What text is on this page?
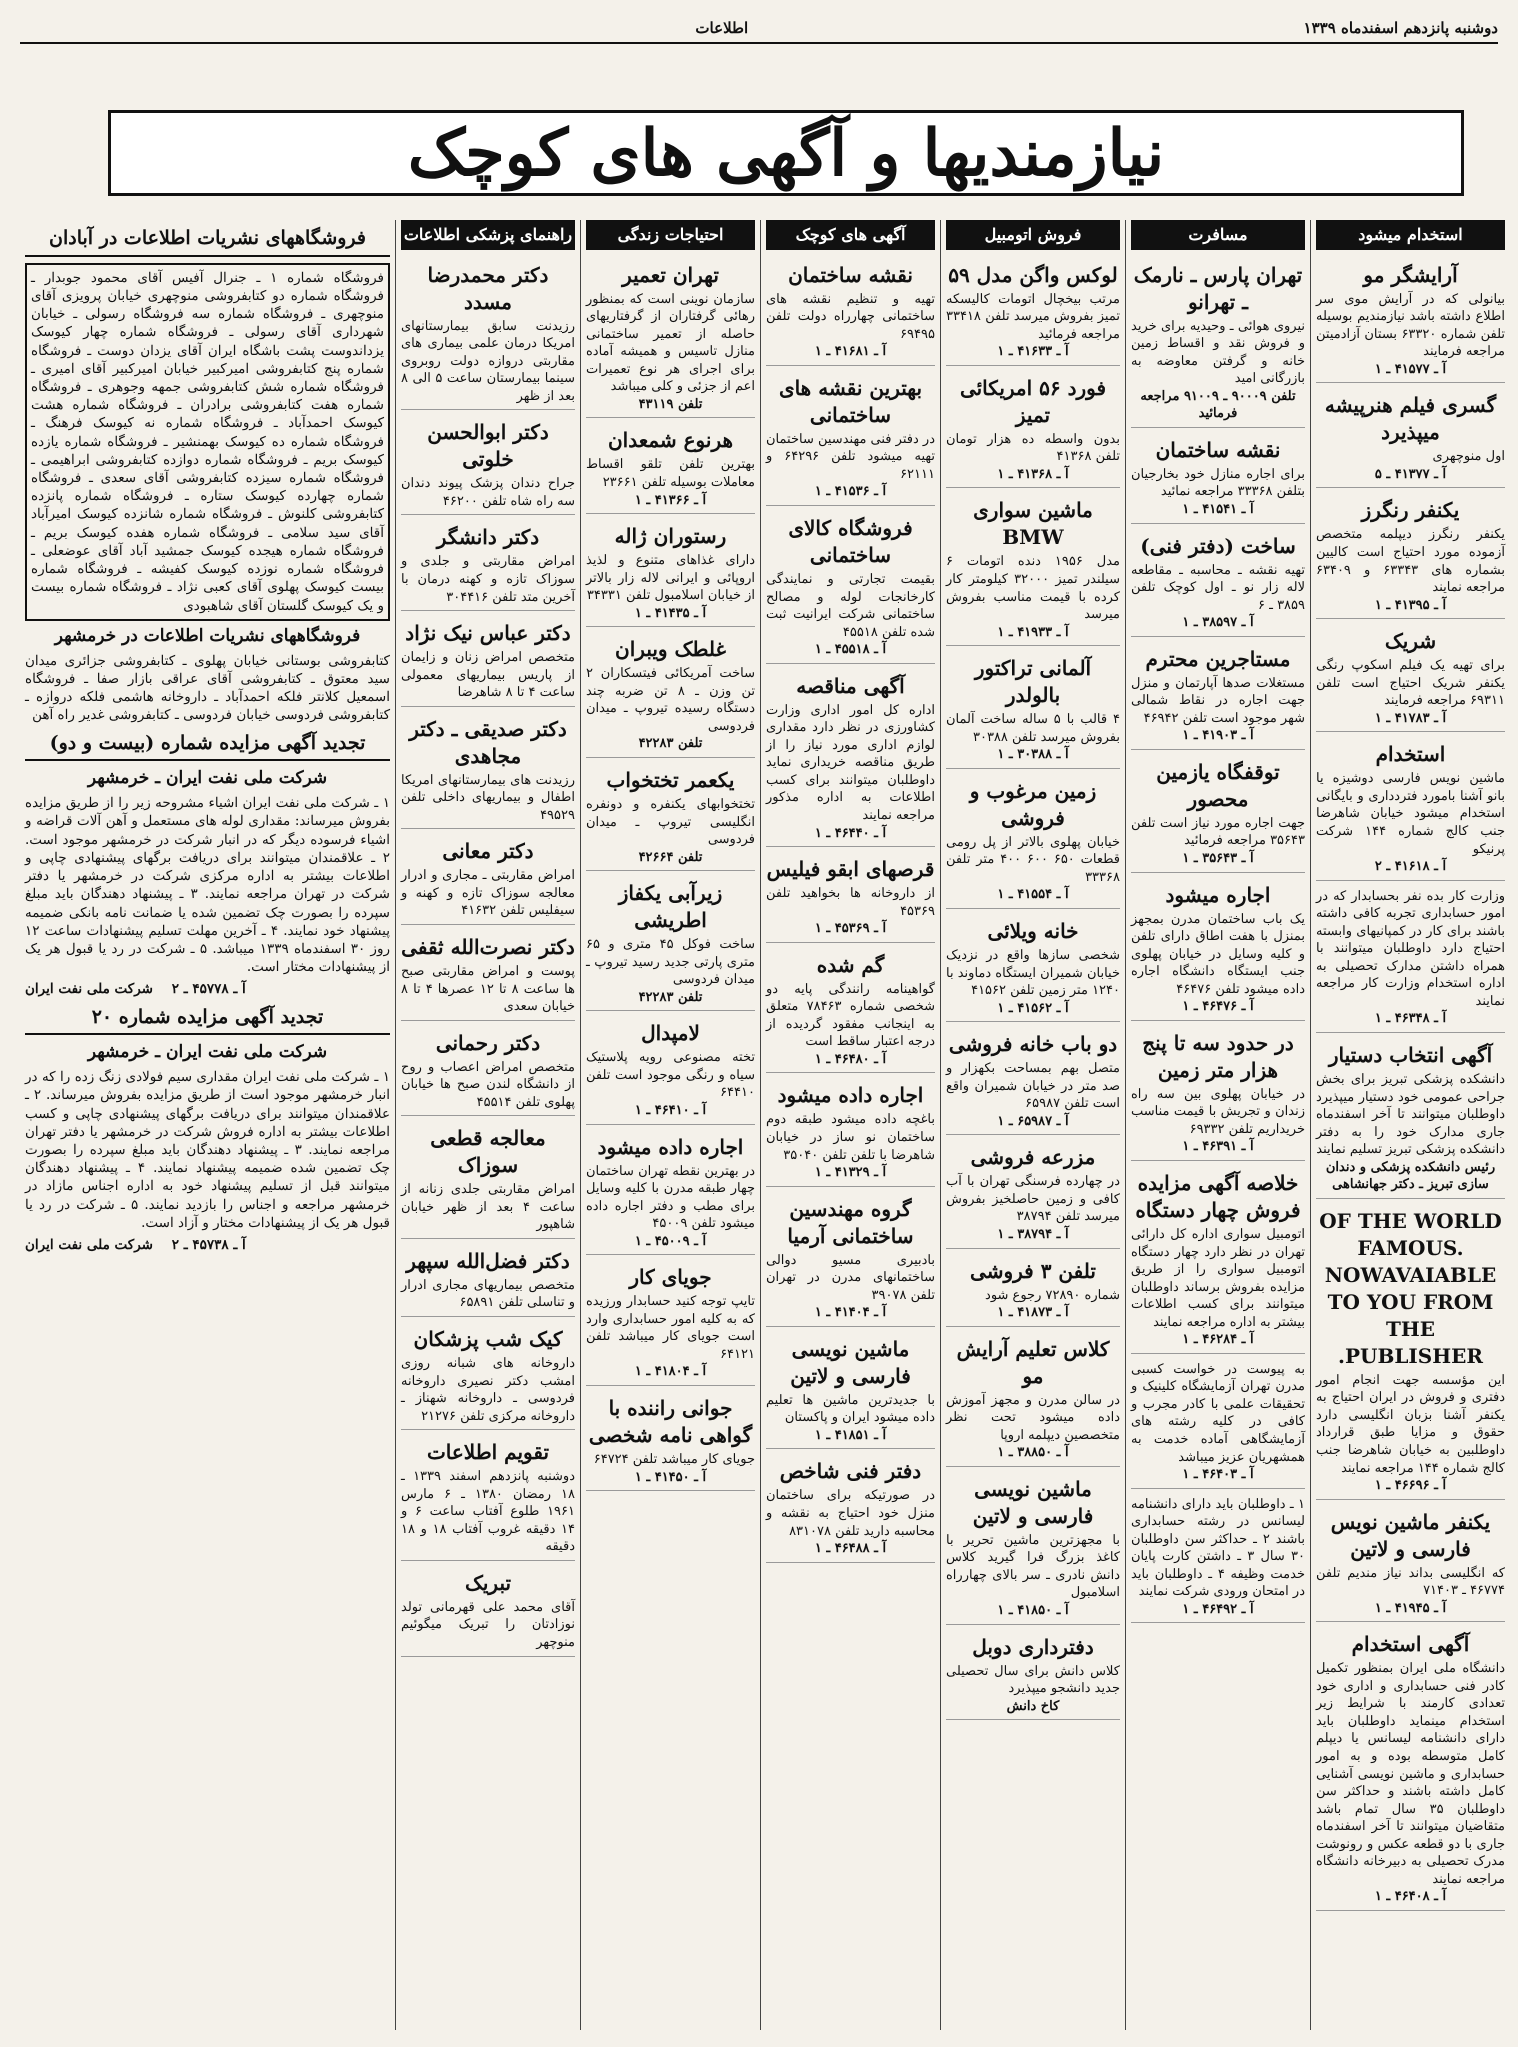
دوشنبه پانزدهم اسفندماه ۱۳۳۹
اطلاعات
نیازمندیها و آگهی های کوچک
استخدام میشود
آرایشگر مو
بیانولی که در آرایش موی سر اطلاع داشته باشد نیازمندیم بوسیله تلفن شماره ۶۳۳۲۰ بستان آزادمیتن مراجعه فرمایند
آ ـ ۴۱۵۷۷ ـ ۱
گسری فیلم هنرپیشه میپذیرد
اول منوچهری
آ ـ ۴۱۳۷۷ ـ ۵
یکنفر رنگرز
یکنفر رنگرز دیپلمه متخصص آزموده مورد احتیاج است کالیین بشماره های ۶۳۳۴۳ و ۶۳۴۰۹ مراجعه نمایند
آ ـ ۴۱۳۹۵ ـ ۱
شریک
برای تهیه یک فیلم اسکوپ رنگی یکنفر شریک احتیاج است تلفن ۶۹۳۱۱ مراجعه فرمایند
آ ـ ۴۱۷۸۳ ـ ۱
استخدام
ماشین نویس فارسی دوشیزه یا بانو آشنا بامورد فتردداری و بایگانی استخدام میشود خیابان شاهرضا جنب کالج شماره ۱۴۴ شرکت پرنیکو
آ ـ ۴۱۶۱۸ ـ ۲
وزارت کار بده نفر بحسابدار که در امور حسابداری تجربه کافی داشته باشند برای کار در کمپانیهای وابسته احتیاج دارد داوطلبان میتوانند با همراه داشتن مدارک تحصیلی به اداره استخدام وزارت کار مراجعه نمایند
آ ـ ۴۶۳۴۸ ـ ۱
آگهی انتخاب دستیار
دانشکده پزشکی تبریز برای بخش جراحی عمومی خود دستیار میپذیرد داوطلبان میتوانند تا آخر اسفندماه جاری مدارک خود را به دفتر دانشکده پزشکی تبریز تسلیم نمایند
رئیس دانشکده پزشکی و دندان سازی تبریز ـ دکتر جهانشاهی
OF THE WORLD FAMOUS. NOWAVAIABLE TO YOU FROM THE PUBLISHER.
این مؤسسه جهت انجام امور دفتری و فروش در ایران احتیاج به یکنفر آشنا بزبان انگلیسی دارد حقوق و مزایا طبق قرارداد داوطلبین به خیابان شاهرضا جنب کالج شماره ۱۴۴ مراجعه نمایند
آ ـ ۴۶۶۹۶ ـ ۱
یکنفر ماشین نویس فارسی و لاتین
که انگلیسی بداند نیاز مندیم تلفن ۴۶۷۷۴ ـ ۷۱۴۰۳
آ ـ ۴۱۹۴۵ ـ ۱
آگهی استخدام
دانشگاه ملی ایران بمنظور تکمیل کادر فنی حسابداری و اداری خود تعدادی کارمند با شرایط زیر استخدام مینماید داوطلبان باید دارای دانشنامه لیسانس یا دیپلم کامل متوسطه بوده و به امور حسابداری و ماشین نویسی آشنایی کامل داشته باشند و حداکثر سن داوطلبان ۳۵ سال تمام باشد متقاضیان میتوانند تا آخر اسفندماه جاری با دو قطعه عکس و رونوشت مدرک تحصیلی به دبیرخانه دانشگاه مراجعه نمایند
آ ـ ۴۶۴۰۸ ـ ۱
مسافرت
تهران پارس ـ نارمک ـ تهرانو
نیروی هوائی ـ وحیدیه برای خرید و فروش نقد و اقساط زمین خانه و گرفتن معاوضه به بازرگانی امید
تلفن ۹۰۰۰۹ ـ ۹۱۰۰۹ مراجعه فرمائید
نقشه ساختمان
برای اجاره منازل خود بخارجیان بتلفن ۳۳۳۶۸ مراجعه نمائید
آ ـ ۴۱۵۴۱ ـ ۱
ساخت (دفتر فنی)
تهیه نقشه ـ محاسبه ـ مقاطعه لاله زار نو ـ اول کوچک تلفن ۳۸۵۹ ـ ۶
آ ـ ۳۸۵۹۷ ـ ۱
مستاجرین محترم
مستغلات صدها آپارتمان و منزل جهت اجاره در نقاط شمالی شهر موجود است تلفن ۴۶۹۴۲
آ ـ ۴۱۹۰۳ ـ ۱
توقفگاه یازمین محصور
جهت اجاره مورد نیاز است تلفن ۳۵۶۴۳ مراجعه فرمائید
آ ـ ۳۵۶۴۳ ـ ۱
اجاره میشود
یک باب ساختمان مدرن بمجهز بمنزل با هفت اطاق دارای تلفن و کلیه وسایل در خیابان پهلوی جنب ایستگاه دانشگاه اجاره داده میشود تلفن ۴۶۴۷۶
آ ـ ۴۶۴۷۶ ـ ۱
در حدود سه تا پنج هزار متر زمین
در خیابان پهلوی بین سه راه زندان و تجریش با قیمت مناسب خریداریم تلفن ۶۹۳۳۲
آ ـ ۴۶۳۹۱ ـ ۱
خلاصه آگهی مزایده فروش چهار دستگاه
اتومبیل سواری اداره کل دارائی تهران در نظر دارد چهار دستگاه اتومبیل سواری را از طریق مزایده بفروش برساند داوطلبان میتوانند برای کسب اطلاعات بیشتر به اداره مراجعه نمایند
آ ـ ۴۶۲۸۴ ـ ۱
به پیوست در خواست کسبی مدرن تهران آزمایشگاه کلینیک و تحقیقات علمی با کادر مجرب و کافی در کلیه رشته های آزمایشگاهی آماده خدمت به همشهریان عزیز میباشد
آ ـ ۴۶۴۰۳ ـ ۱
۱ ـ داوطلبان باید دارای دانشنامه لیسانس در رشته حسابداری باشند ۲ ـ حداکثر سن داوطلبان ۳۰ سال ۳ ـ داشتن کارت پایان خدمت وظیفه ۴ ـ داوطلبان باید در امتحان ورودی شرکت نمایند
آ ـ ۴۶۴۹۲ ـ ۱
فروش اتومبیل
لوکس واگن مدل ۵۹
مرتب بیخچال اتومات کالیسکه تمیز بفروش میرسد تلفن ۳۳۴۱۸ مراجعه فرمائید
آ ـ ۴۱۶۳۳ ـ ۱
فورد ۵۶ امریکائی تمیز
بدون واسطه ده هزار تومان تلفن ۴۱۳۶۸
آ ـ ۴۱۳۶۸ ـ ۱
ماشین سواری BMW
مدل ۱۹۵۶ دنده اتومات ۶ سیلندر تمیز ۳۲۰۰۰ کیلومتر کار کرده با قیمت مناسب بفروش میرسد
آ ـ ۴۱۹۳۳ ـ ۱
آلمانی تراکتور بالولدر
۴ قالب با ۵ ساله ساخت آلمان بفروش میرسد تلفن ۳۰۳۸۸
آ ـ ۳۰۳۸۸ ـ ۱
زمین مرغوب و فروشی
خیابان پهلوی بالاتر از پل رومی قطعات ۶۵۰ ۶۰۰ ۴۰۰ متر تلفن ۳۳۳۶۸
آ ـ ۴۱۵۵۴ ـ ۱
خانه ویلائی
شخصی سازها واقع در نزدیک خیابان شمیران ایستگاه دماوند با ۱۲۴۰ متر زمین تلفن ۴۱۵۶۲
آ ـ ۴۱۵۶۲ ـ ۱
دو باب خانه فروشی
متصل بهم بمساحت بکهزار و صد متر در خیابان شمیران واقع است تلفن ۶۵۹۸۷
آ ـ ۶۵۹۸۷ ـ ۱
مزرعه فروشی
در چهارده فرسنگی تهران با آب کافی و زمین حاصلخیز بفروش میرسد تلفن ۳۸۷۹۴
آ ـ ۳۸۷۹۴ ـ ۱
تلفن ۳ فروشی
شماره ۷۲۸۹۰ رجوع شود
آ ـ ۴۱۸۷۳ ـ ۱
کلاس تعلیم آرایش مو
در سالن مدرن و مجهز آموزش داده میشود تحت نظر متخصصین دیپلمه اروپا
آ ـ ۳۸۸۵۰ ـ ۱
ماشین نویسی فارسی و لاتین
با مجهزترین ماشین تحریر با کاغذ بزرگ فرا گیرید کلاس دانش نادری ـ سر بالای چهارراه اسلامبول
آ ـ ۴۱۸۵۰ ـ ۱
دفترداری دوبل
کلاس دانش برای سال تحصیلی جدید دانشجو میپذیرد
کاخ دانش
آگهی های کوچک
نقشه ساختمان
تهیه و تنظیم نقشه های ساختمانی چهارراه دولت تلفن ۶۹۴۹۵
آ ـ ۴۱۶۸۱ ـ ۱
بهترین نقشه های ساختمانی
در دفتر فنی مهندسین ساختمان تهیه میشود تلفن ۶۴۲۹۶ و ۶۲۱۱۱
آ ـ ۴۱۵۳۶ ـ ۱
فروشگاه کالای ساختمانی
بقیمت تجارتی و نمایندگی کارخانجات لوله و مصالح ساختمانی شرکت ایرانیت ثبت شده تلفن ۴۵۵۱۸
آ ـ ۴۵۵۱۸ ـ ۱
آگهی مناقصه
اداره کل امور اداری وزارت کشاورزی در نظر دارد مقداری لوازم اداری مورد نیاز را از طریق مناقصه خریداری نماید داوطلبان میتوانند برای کسب اطلاعات به اداره مذکور مراجعه نمایند
آ ـ ۴۶۴۴۰ ـ ۱
قرصهای ابقو فیلیس
از داروخانه ها بخواهید تلفن ۴۵۳۶۹
آ ـ ۴۵۳۶۹ ـ ۱
گم شده
گواهینامه رانندگی پایه دو شخصی شماره ۷۸۴۶۳ متعلق به اینجانب مفقود گردیده از درجه اعتبار ساقط است
آ ـ ۴۶۴۸۰ ـ ۱
اجاره داده میشود
باغچه داده میشود طبقه دوم ساختمان نو ساز در خیابان شاهرضا با تلفن تلفن ۳۵۰۴۰
آ ـ ۴۱۳۲۹ ـ ۱
گروه مهندسین ساختمانی آرمیا
بادبیری مسیو دوالی ساختمانهای مدرن در تهران تلفن ۳۹۰۷۸
آ ـ ۴۱۴۰۴ ـ ۱
ماشین نویسی فارسی و لاتین
با جدیدترین ماشین ها تعلیم داده میشود ایران و پاکستان
آ ـ ۴۱۸۵۱ ـ ۱
دفتر فنی شاخص
در صورتیکه برای ساختمان منزل خود احتیاج به نقشه و محاسبه دارید تلفن ۸۳۱۰۷۸
آ ـ ۴۶۴۸۸ ـ ۱
احتیاجات زندگی
تهران تعمیر
سازمان نوینی است که بمنظور رهائی گرفتاران از گرفتاریهای حاصله از تعمیر ساختمانی منازل تاسیس و همیشه آماده برای اجرای هر نوع تعمیرات اعم از جزئی و کلی میباشد
تلفن ۴۳۱۱۹
هرنوع شمعدان
بهترین تلفن تلقو اقساط معاملات بوسیله تلفن ۲۳۶۶۱
آ ـ ۴۱۳۶۶ ـ ۱
رستوران ژاله
دارای غذاهای متنوع و لذیذ اروپائی و ایرانی لاله زار بالاتر از خیابان اسلامبول تلفن ۳۴۳۳۱
آ ـ ۴۱۴۳۵ ـ ۱
غلطک ویبران
ساخت آمریکائی فیتسکاران ۲ تن وزن ـ ۸ تن ضربه چند دستگاه رسیده تیروپ ـ میدان فردوسی
تلفن ۴۲۲۸۳
یکعمر تختخواب
تختخوابهای یکنفره و دونفره انگلیسی تیروپ ـ میدان فردوسی
تلفن ۴۲۶۶۴
زیرآبی یکفاز اطریشی
ساخت فوکل ۴۵ متری و ۶۵ متری پارتی جدید رسید تیروپ ـ میدان فردوسی
تلفن ۴۲۲۸۳
لامپدال
تخته مصنوعی رویه پلاستیک سیاه و رنگی موجود است تلفن ۶۴۴۱۰
آ ـ ۴۶۴۱۰ ـ ۱
اجاره داده میشود
در بهترین نقطه تهران ساختمان چهار طبقه مدرن با کلیه وسایل برای مطب و دفتر اجاره داده میشود تلفن ۴۵۰۰۹
آ ـ ۴۵۰۰۹ ـ ۱
جویای کار
تایپ توجه کنید حسابدار ورزیده که به کلیه امور حسابداری وارد است جویای کار میباشد تلفن ۶۴۱۲۱
آ ـ ۴۱۸۰۴ ـ ۱
جوانی راننده با گواهی نامه شخصی
جویای کار میباشد تلفن ۶۴۷۲۴
آ ـ ۴۱۴۵۰ ـ ۱
راهنمای پزشکی اطلاعات
دکتر محمدرضا مسدد
رزیدنت سابق بیمارستانهای امریکا درمان علمی بیماری های مقاربتی دروازه دولت روبروی سینما بیمارستان ساعت ۵ الی ۸ بعد از ظهر
دکتر ابوالحسن خلوتی
جراح دندان پزشک پیوند دندان سه راه شاه تلفن ۴۶۲۰۰
دکتر دانشگر
امراض مقاربتی و جلدی و سوزاک تازه و کهنه درمان با آخرین متد تلفن ۳۰۴۴۱۶
دکتر عباس نیک نژاد
متخصص امراض زنان و زایمان از پاریس بیماریهای معمولی ساعت ۴ تا ۸ شاهرضا
دکتر صدیقی ـ دکتر مجاهدی
رزیدنت های بیمارستانهای امریکا اطفال و بیماریهای داخلی تلفن ۴۹۵۲۹
دکتر معانی
امراض مقاربتی ـ مجاری و ادرار معالجه سوزاک تازه و کهنه و سیفلیس تلفن ۴۱۶۳۲
دکتر نصرت‌الله ثقفی
پوست و امراض مقاربتی صبح ها ساعت ۸ تا ۱۲ عصرها ۴ تا ۸ خیابان سعدی
دکتر رحمانی
متخصص امراض اعصاب و روح از دانشگاه لندن صبح ها خیابان پهلوی تلفن ۴۵۵۱۴
معالجه قطعی سوزاک
امراض مقاربتی جلدی زنانه از ساعت ۴ بعد از ظهر خیابان شاهپور
دکتر فضل‌الله سپهر
متخصص بیماریهای مجاری ادرار و تناسلی تلفن ۶۵۸۹۱
کیک شب پزشکان
داروخانه های شبانه روزی امشب دکتر نصیری داروخانه فردوسی ـ داروخانه شهناز ـ داروخانه مرکزی تلفن ۲۱۲۷۶
تقویم اطلاعات
دوشنبه پانزدهم اسفند ۱۳۳۹ ـ ۱۸ رمضان ۱۳۸۰ ـ ۶ مارس ۱۹۶۱ طلوع آفتاب ساعت ۶ و ۱۴ دقیقه غروب آفتاب ۱۸ و ۱۸ دقیقه
تبریک
آقای محمد علی قهرمانی تولد نوزادتان را تبریک میگوئیم منوچهر
فروشگاههای نشریات اطلاعات در آبادان
فروشگاه شماره ۱ ـ جنرال آفیس آقای محمود جوبدار ـ فروشگاه شماره دو کتابفروشی منوچهری خیابان پرویزی آقای منوچهری ـ فروشگاه شماره سه فروشگاه رسولی ـ خیابان شهرداری آقای رسولی ـ فروشگاه شماره چهار کیوسک یزداندوست پشت باشگاه ایران آقای یزدان دوست ـ فروشگاه شماره پنج کتابفروشی امیرکبیر خیابان امیرکبیر آقای امیری ـ فروشگاه شماره شش کتابفروشی جمهه وجوهری ـ فروشگاه شماره هفت کتابفروشی برادران ـ فروشگاه شماره هشت کیوسک احمدآباد ـ فروشگاه شماره نه کیوسک فرهنگ ـ فروشگاه شماره ده کیوسک بهمنشیر ـ فروشگاه شماره یازده کیوسک بریم ـ فروشگاه شماره دوازده کتابفروشی ابراهیمی ـ فروشگاه شماره سیزده کتابفروشی آقای سعدی ـ فروشگاه شماره چهارده کیوسک ستاره ـ فروشگاه شماره پانزده کتابفروشی کلنوش ـ فروشگاه شماره شانزده کیوسک امیرآباد آقای سید سلامی ـ فروشگاه شماره هفده کیوسک بریم ـ فروشگاه شماره هیجده کیوسک جمشید آباد آقای عوضعلی ـ فروشگاه شماره نوزده کیوسک کفیشه ـ فروشگاه شماره بیست کیوسک پهلوی آقای کعبی نژاد ـ فروشگاه شماره بیست و یک کیوسک گلستان آقای شاهبودی
فروشگاههای نشریات اطلاعات در خرمشهر
کتابفروشی بوستانی خیابان پهلوی ـ کتابفروشی جزائری میدان سید معتوق ـ کتابفروشی آقای عراقی بازار صفا ـ فروشگاه اسمعیل کلانتر فلکه احمدآباد ـ داروخانه هاشمی فلکه دروازه ـ کتابفروشی فردوسی خیابان فردوسی ـ کتابفروشی غدیر راه آهن
تجدید آگهی مزایده شماره (بیست و دو)
شرکت ملی نفت ایران ـ خرمشهر
۱ ـ شرکت ملی نفت ایران اشیاء مشروحه زیر را از طریق مزایده بفروش میرساند: مقداری لوله های مستعمل و آهن آلات قراضه و اشیاء فرسوده دیگر که در انبار شرکت در خرمشهر موجود است. ۲ ـ علاقمندان میتوانند برای دریافت برگهای پیشنهادی چاپی و اطلاعات بیشتر به اداره مرکزی شرکت در خرمشهر یا دفتر شرکت در تهران مراجعه نمایند. ۳ ـ پیشنهاد دهندگان باید مبلغ سپرده را بصورت چک تضمین شده یا ضمانت نامه بانکی ضمیمه پیشنهاد خود نمایند. ۴ ـ آخرین مهلت تسلیم پیشنهادات ساعت ۱۲ روز ۳۰ اسفندماه ۱۳۳۹ میباشد. ۵ ـ شرکت در رد یا قبول هر یک از پیشنهادات مختار است.
آ ـ ۴۵۷۷۸ ـ ۲    شرکت ملی نفت ایران
تجدید آگهی مزایده شماره ۲۰
شرکت ملی نفت ایران ـ خرمشهر
۱ ـ شرکت ملی نفت ایران مقداری سیم فولادی زنگ زده را که در انبار خرمشهر موجود است از طریق مزایده بفروش میرساند. ۲ ـ علاقمندان میتوانند برای دریافت برگهای پیشنهادی چاپی و کسب اطلاعات بیشتر به اداره فروش شرکت در خرمشهر یا دفتر تهران مراجعه نمایند. ۳ ـ پیشنهاد دهندگان باید مبلغ سپرده را بصورت چک تضمین شده ضمیمه پیشنهاد نمایند. ۴ ـ پیشنهاد دهندگان میتوانند قبل از تسلیم پیشنهاد خود به اداره اجناس مازاد در خرمشهر مراجعه و اجناس را بازدید نمایند. ۵ ـ شرکت در رد یا قبول هر یک از پیشنهادات مختار و آزاد است.
آ ـ ۴۵۷۳۸ ـ ۲    شرکت ملی نفت ایران
